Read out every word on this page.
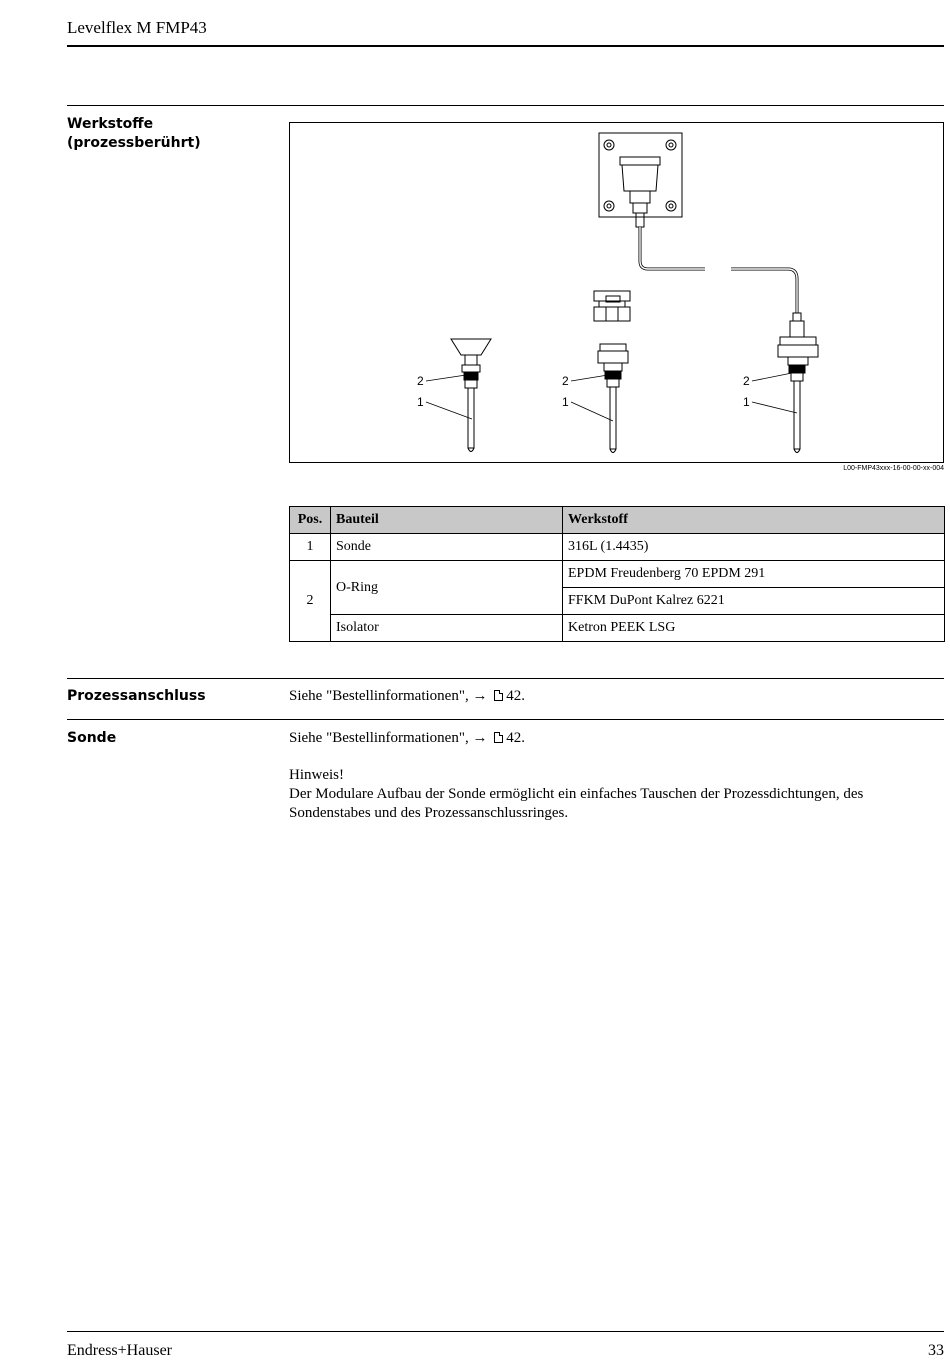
Levelflex M FMP43
Werkstoffe
(prozessberührt)
2
1
2
1
2
1
L00-FMP43xxx-16-00-00-xx-004
Pos.	Bauteil	Werkstoff
1	Sonde	316L (1.4435)
2	O-Ring	EPDM Freudenberg 70 EPDM 291
		FFKM DuPont Kalrez 6221
	Isolator	Ketron PEEK LSG
Prozessanschluss	Siehe "Bestellinformationen", → 42.
Sonde	Siehe "Bestellinformationen", → 42.
Hinweis!
Der Modulare Aufbau der Sonde ermöglicht ein einfaches Tauschen der Prozessdichtungen, des Sondenstabes und des Prozessanschlussringes.
Endress+Hauser	33
